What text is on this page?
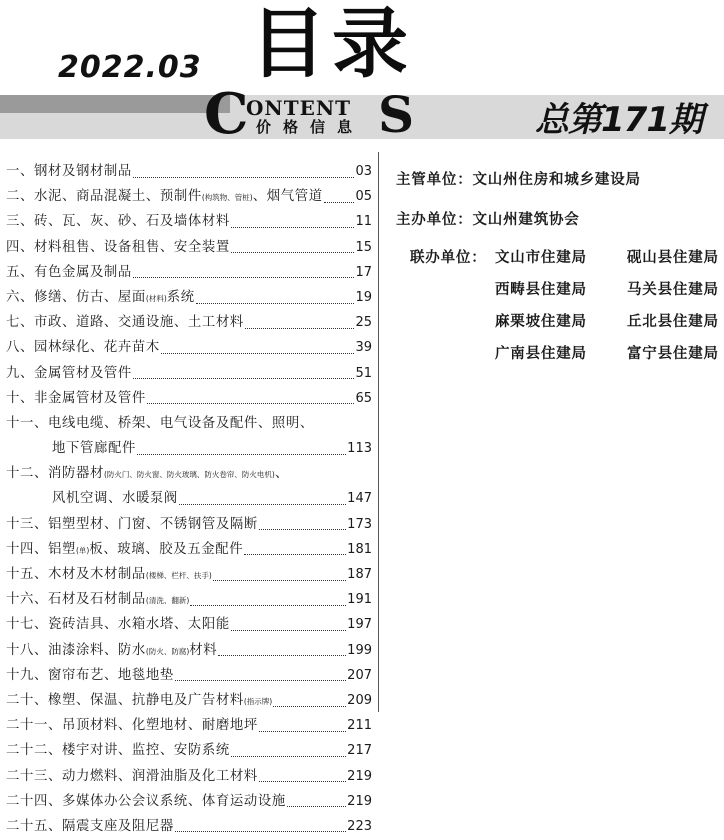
2022.03 目录
C
ONTENT S
价格信息	总第171期
一、 钢材及钢材制品	03
二、 水泥、商品混凝土、预制件 (构筑物、管桩) 、烟气管道	05
三、 砖、瓦、灰、砂、石及墙体材料	11
四、 材料租售、设备租售、安全装置	15
五、 有色金属及制品	17
六、 修缮、仿古、屋面 (材料) 系统	19
七、 市政、道路、交通设施、土工材料	25
八、 园林绿化、花卉苗木	39
九、 金属管材及管件	51
十、 非金属管材及管件	65
十一、 电线电缆、桥架、电气设备及配件、照明、
地下管廊配件	113
十二、 消防器材 (防火门、防火窗、防火玻璃、防火卷帘、防火电机) 、
风机空调、水暖泵阀	147
十三、 铝塑型材、门窗、不锈钢管及隔断	173
十四、 铝塑 (单) 板、玻璃、胶及五金配件	181
十五、 木材及木材制品 (楼梯、栏杆、扶手)	187
十六、 石材及石材制品 (清洗、翻新)	191
十七、 瓷砖洁具、水箱水塔、太阳能	197
十八、 油漆涂料、防水 (防火、防腐) 材料	199
十九、 窗帘布艺、地毯地垫	207
二十、 橡塑、保温、抗静电及广告材料 (指示牌)	209
二十一、 吊顶材料、化塑地材、耐磨地坪	211
二十二、 楼宇对讲、监控、安防系统	217
二十三、 动力燃料、润滑油脂及化工材料	219
二十四、 多媒体办公会议系统、体育运动设施	219
二十五、 隔震支座及阻尼器	223
主管单位：文山州住房和城乡建设局
主办单位：文山州建筑协会
联办单位： 文山市住建局	砚山县住建局
西畴县住建局	马关县住建局
麻栗坡住建局	丘北县住建局
广南县住建局	富宁县住建局
